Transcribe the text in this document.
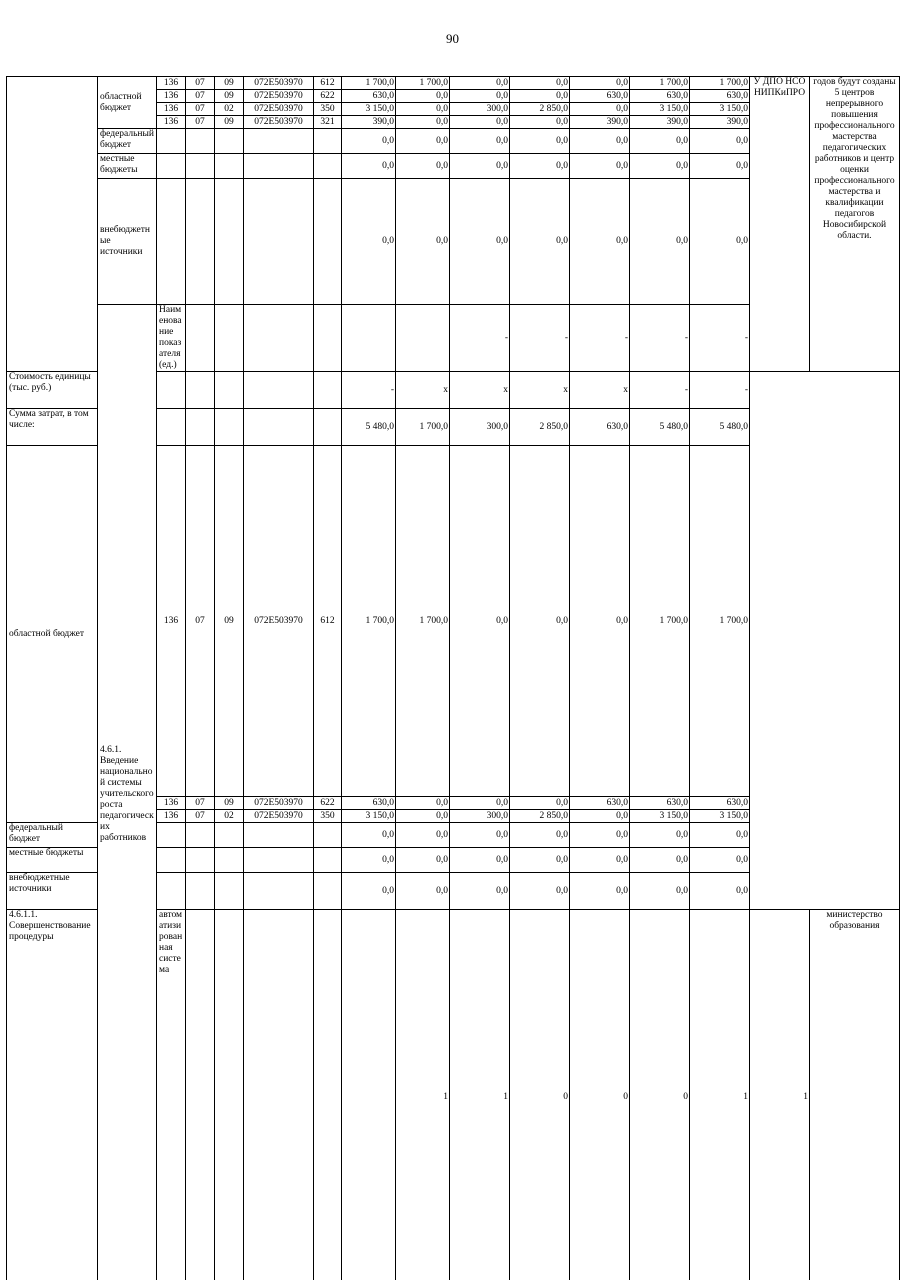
90
	областной бюджет	136	07	09	072E503970	612	1 700,0	1 700,0	0,0	0,0	0,0	1 700,0	1 700,0	У ДПО НСО НИПКиПРО	годов будут созданы 5 центров непрерывного повышения профессионального мастерства педагогических работников и центр оценки профессионального мастерства и квалификации педагогов Новосибирской области.	
		136	07	09	072E503970	622	630,0	0,0	0,0	0,0	630,0	630,0	630,0			
		136	07	02	072E503970	350	3 150,0	0,0	300,0	2 850,0	0,0	3 150,0	3 150,0			
		136	07	09	072E503970	321	390,0	0,0	0,0	0,0	390,0	390,0	390,0			
	федеральный бюджет						0,0	0,0	0,0	0,0	0,0	0,0	0,0			
	местные бюджеты						0,0	0,0	0,0	0,0	0,0	0,0	0,0			
	внебюджетные источники						0,0	0,0	0,0	0,0	0,0	0,0	0,0			
	4.6.1. Введение национальной системы учительского роста педагогических работников	Наименование показателя (ед.)							-	-	-	-	-			
Стоимость единицы (тыс. руб.)							-	x	x	x	x	-	-			
Сумма затрат, в том числе:							5 480,0	1 700,0	300,0	2 850,0	630,0	5 480,0	5 480,0			
областной бюджет		136	07	09	072E503970	612	1 700,0	1 700,0	0,0	0,0	0,0	1 700,0	1 700,0			
		136	07	09	072E503970	622	630,0	0,0	0,0	0,0	630,0	630,0	630,0			
		136	07	02	072E503970	350	3 150,0	0,0	300,0	2 850,0	0,0	3 150,0	3 150,0			
федеральный бюджет							0,0	0,0	0,0	0,0	0,0	0,0	0,0			
местные бюджеты							0,0	0,0	0,0	0,0	0,0	0,0	0,0			
внебюджетные источники							0,0	0,0	0,0	0,0	0,0	0,0	0,0			
4.6.1.1. Совершенствование процедуры		автоматизированная система						1	1	0	0	0	1	1	министерство образования	
